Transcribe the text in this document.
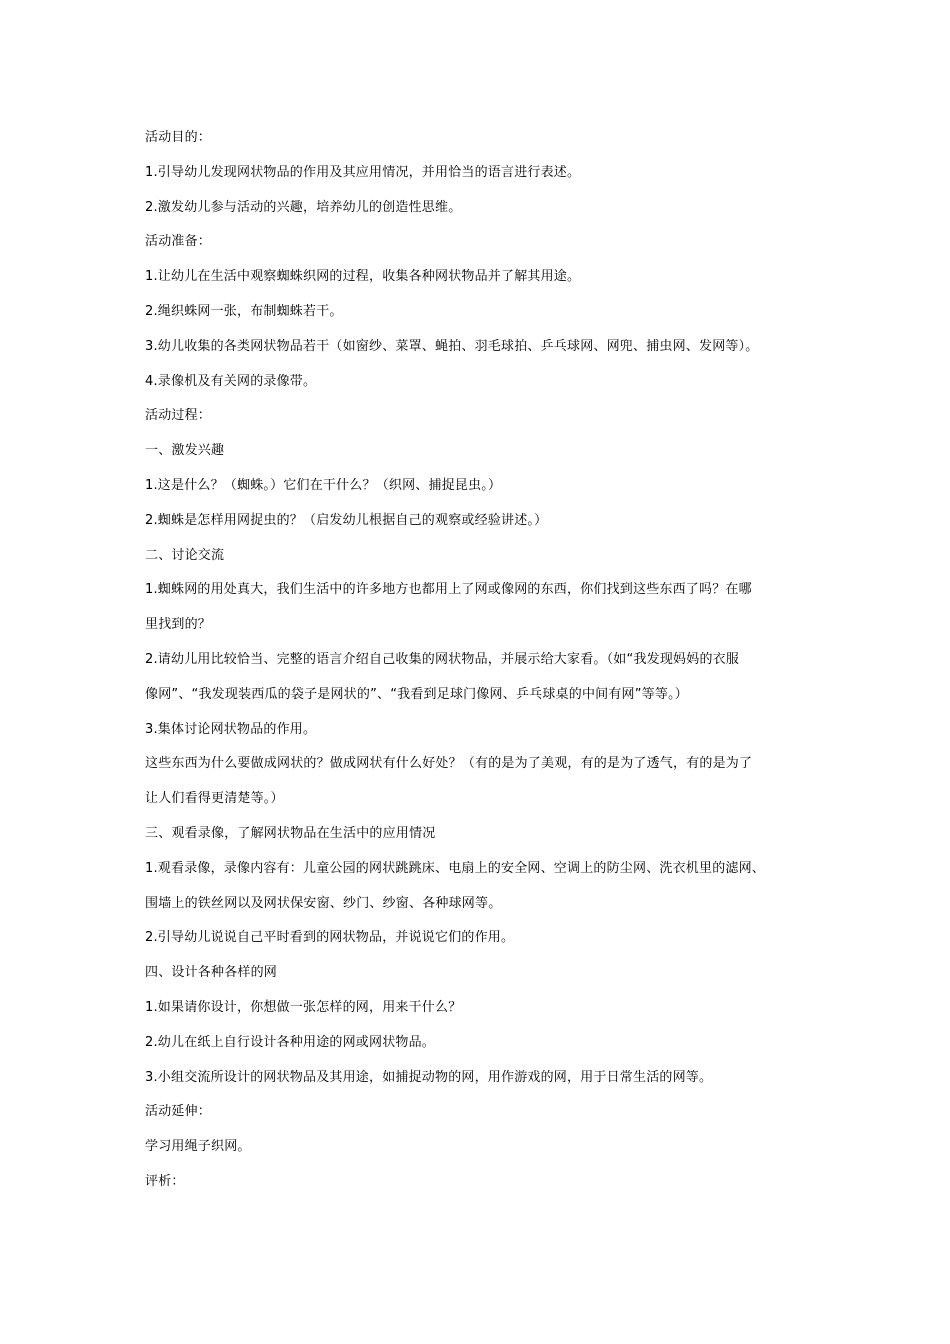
活动目的：
1.引导幼儿发现网状物品的作用及其应用情况，并用恰当的语言进行表述。
2.激发幼儿参与活动的兴趣，培养幼儿的创造性思维。
活动准备：
1.让幼儿在生活中观察蜘蛛织网的过程，收集各种网状物品并了解其用途。
2.绳织蛛网一张，布制蜘蛛若干。
3.幼儿收集的各类网状物品若干（如窗纱、菜罩、蝇拍、羽毛球拍、乒乓球网、网兜、捕虫网、发网等）。
4.录像机及有关网的录像带。
活动过程：
一、激发兴趣
1.这是什么？（蜘蛛。）它们在干什么？（织网、捕捉昆虫。）
2.蜘蛛是怎样用网捉虫的？（启发幼儿根据自己的观察或经验讲述。）
二、讨论交流
1.蜘蛛网的用处真大，我们生活中的许多地方也都用上了网或像网的东西，你们找到这些东西了吗？在哪
里找到的？
2.请幼儿用比较恰当、完整的语言介绍自己收集的网状物品，并展示给大家看。（如“我发现妈妈的衣服
像网”、“我发现装西瓜的袋子是网状的”、“我看到足球门像网、乒乓球桌的中间有网”等等。）
3.集体讨论网状物品的作用。
这些东西为什么要做成网状的？做成网状有什么好处？（有的是为了美观，有的是为了透气，有的是为了
让人们看得更清楚等。）
三、观看录像，了解网状物品在生活中的应用情况
1.观看录像，录像内容有：儿童公园的网状跳跳床、电扇上的安全网、空调上的防尘网、洗衣机里的滤网、
围墙上的铁丝网以及网状保安窗、纱门、纱窗、各种球网等。
2.引导幼儿说说自己平时看到的网状物品，并说说它们的作用。
四、设计各种各样的网
1.如果请你设计，你想做一张怎样的网，用来干什么？
2.幼儿在纸上自行设计各种用途的网或网状物品。
3.小组交流所设计的网状物品及其用途，如捕捉动物的网，用作游戏的网，用于日常生活的网等。
活动延伸：
学习用绳子织网。
评析：
